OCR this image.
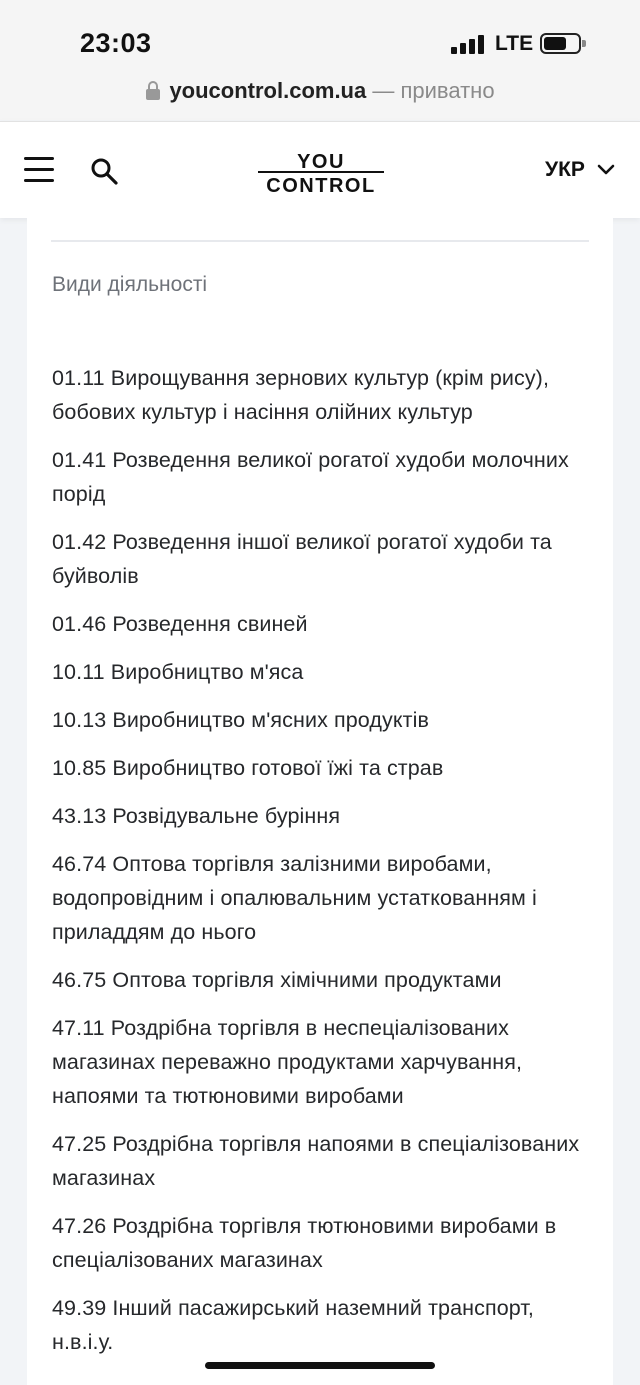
23:03	LTE
youcontrol.com.ua — приватно
YOU
CONTROL
УКР
Види діяльності
01.11 Вирощування зернових культур (крім рису), бобових культур і насіння олійних культур
01.41 Розведення великої рогатої худоби молочних порід
01.42 Розведення іншої великої рогатої худоби та буйволів
01.46 Розведення свиней
10.11 Виробництво м'яса
10.13 Виробництво м'ясних продуктів
10.85 Виробництво готової їжі та страв
43.13 Розвідувальне буріння
46.74 Оптова торгівля залізними виробами, водопровідним і опалювальним устаткованням і приладдям до нього
46.75 Оптова торгівля хімічними продуктами
47.11 Роздрібна торгівля в неспеціалізованих магазинах переважно продуктами харчування, напоями та тютюновими виробами
47.25 Роздрібна торгівля напоями в спеціалізованих магазинах
47.26 Роздрібна торгівля тютюновими виробами в спеціалізованих магазинах
49.39 Інший пасажирський наземний транспорт, н.в.і.у.
